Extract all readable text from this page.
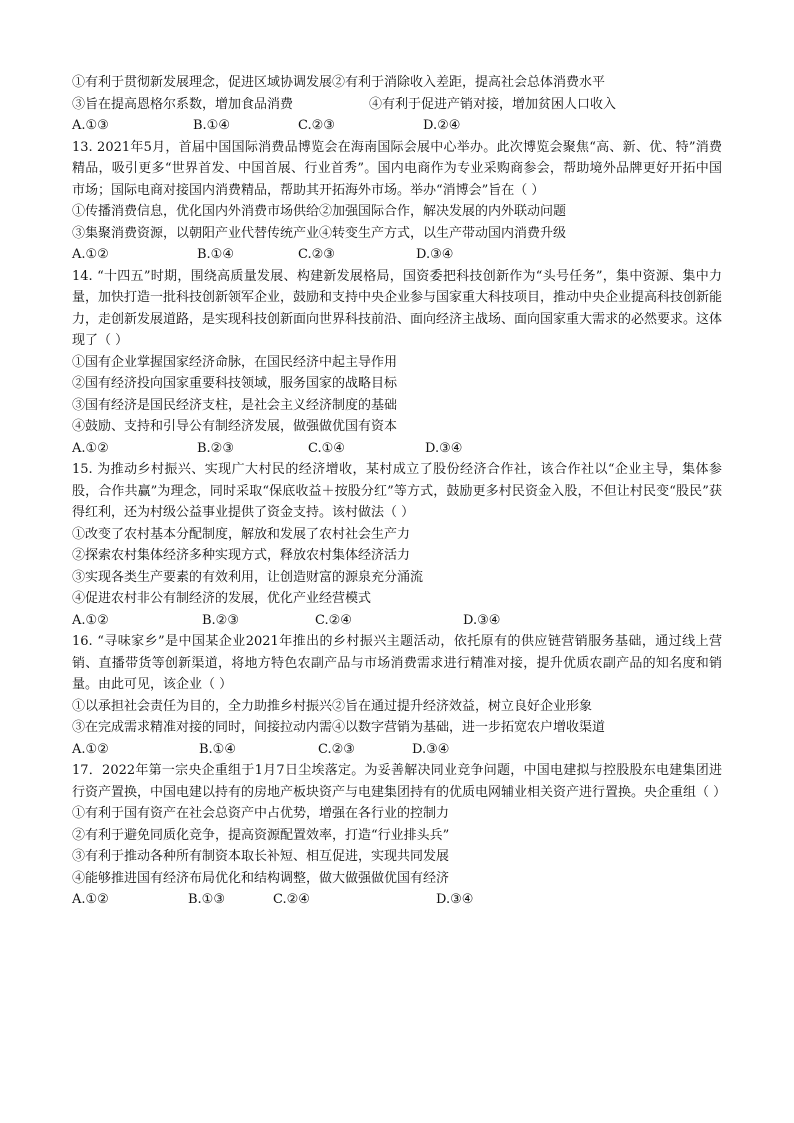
①有利于贯彻新发展理念，促进区域协调发展 ②有利于消除收入差距，提高社会总体消费水平
③旨在提高恩格尔系数，增加食品消费	④有利于促进产销对接，增加贫困人口收入
A.①③	B.①④	C.②③	D.②④
13. 2021年5月，首届中国国际消费品博览会在海南国际会展中心举办。此次博览会聚焦“高、新、优、特”消费精品，吸引更多“世界首发、中国首展、行业首秀”。国内电商作为专业采购商参会，帮助境外品牌更好开拓中国市场；国际电商对接国内消费精品，帮助其开拓海外市场。举办“消博会”旨在（ ）
①传播消费信息，优化国内外消费市场供给 ②加强国际合作，解决发展的内外联动问题
③集聚消费资源，以朝阳产业代替传统产业 ④转变生产方式，以生产带动国内消费升级
A.①②	B.①④	C.②③	D.③④
14. “十四五”时期，围绕高质量发展、构建新发展格局，国资委把科技创新作为“头号任务”，集中资源、集中力量，加快打造一批科技创新领军企业，鼓励和支持中央企业参与国家重大科技项目，推动中央企业提高科技创新能力，走创新发展道路，是实现科技创新面向世界科技前沿、面向经济主战场、面向国家重大需求的必然要求。这体现了（ ）
①国有企业掌握国家经济命脉，在国民经济中起主导作用
②国有经济投向国家重要科技领域，服务国家的战略目标
③国有经济是国民经济支柱，是社会主义经济制度的基础
④鼓励、支持和引导公有制经济发展，做强做优国有资本
A.①②	B.②③	C.①④	D.③④
15. 为推动乡村振兴、实现广大村民的经济增收，某村成立了股份经济合作社，该合作社以“企业主导，集体参股，合作共赢”为理念，同时采取“保底收益＋按股分红”等方式，鼓励更多村民资金入股，不但让村民变“股民”获得红利，还为村级公益事业提供了资金支持。该村做法（ ）
①改变了农村基本分配制度，解放和发展了农村社会生产力
②探索农村集体经济多种实现方式，释放农村集体经济活力
③实现各类生产要素的有效利用，让创造财富的源泉充分涌流
④促进农村非公有制经济的发展，优化产业经营模式
A.①②	B.②③	C.②④	D.③④
16. “寻味家乡”是中国某企业2021年推出的乡村振兴主题活动，依托原有的供应链营销服务基础，通过线上营销、直播带货等创新渠道，将地方特色农副产品与市场消费需求进行精准对接，提升优质农副产品的知名度和销量。由此可见，该企业（ ）
①以承担社会责任为目的，全力助推乡村振兴 ②旨在通过提升经济效益，树立良好企业形象
③在完成需求精准对接的同时，间接拉动内需 ④以数字营销为基础，进一步拓宽农户增收渠道
A.①②	B.①④	C.②③	D.③④
17．2022年第一宗央企重组于1月7日尘埃落定。为妥善解决同业竞争问题，中国电建拟与控股股东电建集团进行资产置换，中国电建以持有的房地产板块资产与电建集团持有的优质电网辅业相关资产进行置换。央企重组（ ）
①有利于国有资产在社会总资产中占优势，增强在各行业的控制力
②有利于避免同质化竞争，提高资源配置效率，打造“行业排头兵”
③有利于推动各种所有制资本取长补短、相互促进，实现共同发展
④能够推进国有经济布局优化和结构调整，做大做强做优国有经济
A.①②	B.①③	C.②④	D.③④
